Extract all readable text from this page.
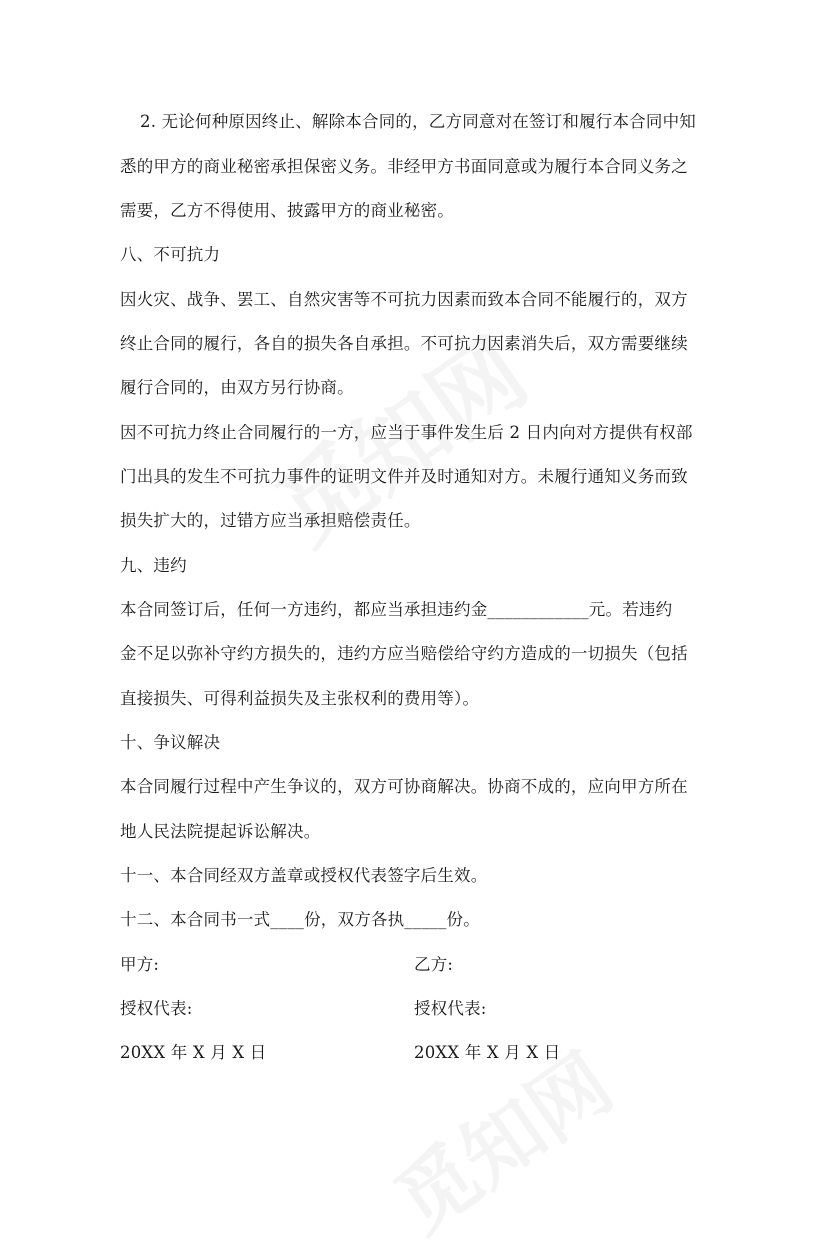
2. 无论何种原因终止、解除本合同的，乙方同意对在签订和履行本合同中知
悉的甲方的商业秘密承担保密义务。非经甲方书面同意或为履行本合同义务之
需要，乙方不得使用、披露甲方的商业秘密。
八、不可抗力
因火灾、战争、罢工、自然灾害等不可抗力因素而致本合同不能履行的，双方
终止合同的履行，各自的损失各自承担。不可抗力因素消失后，双方需要继续
履行合同的，由双方另行协商。
因不可抗力终止合同履行的一方，应当于事件发生后 2 日内向对方提供有权部
门出具的发生不可抗力事件的证明文件并及时通知对方。未履行通知义务而致
损失扩大的，过错方应当承担赔偿责任。
九、违约
本合同签订后，任何一方违约，都应当承担违约金____________元。若违约
金不足以弥补守约方损失的，违约方应当赔偿给守约方造成的一切损失（包括
直接损失、可得利益损失及主张权利的费用等）。
十、争议解决
本合同履行过程中产生争议的，双方可协商解决。协商不成的，应向甲方所在
地人民法院提起诉讼解决。
十一、本合同经双方盖章或授权代表签字后生效。
十二、本合同书一式____份，双方各执_____份。
甲方:	乙方:
授权代表:	授权代表:
20XX 年 X 月 X 日	20XX 年 X 月 X 日
